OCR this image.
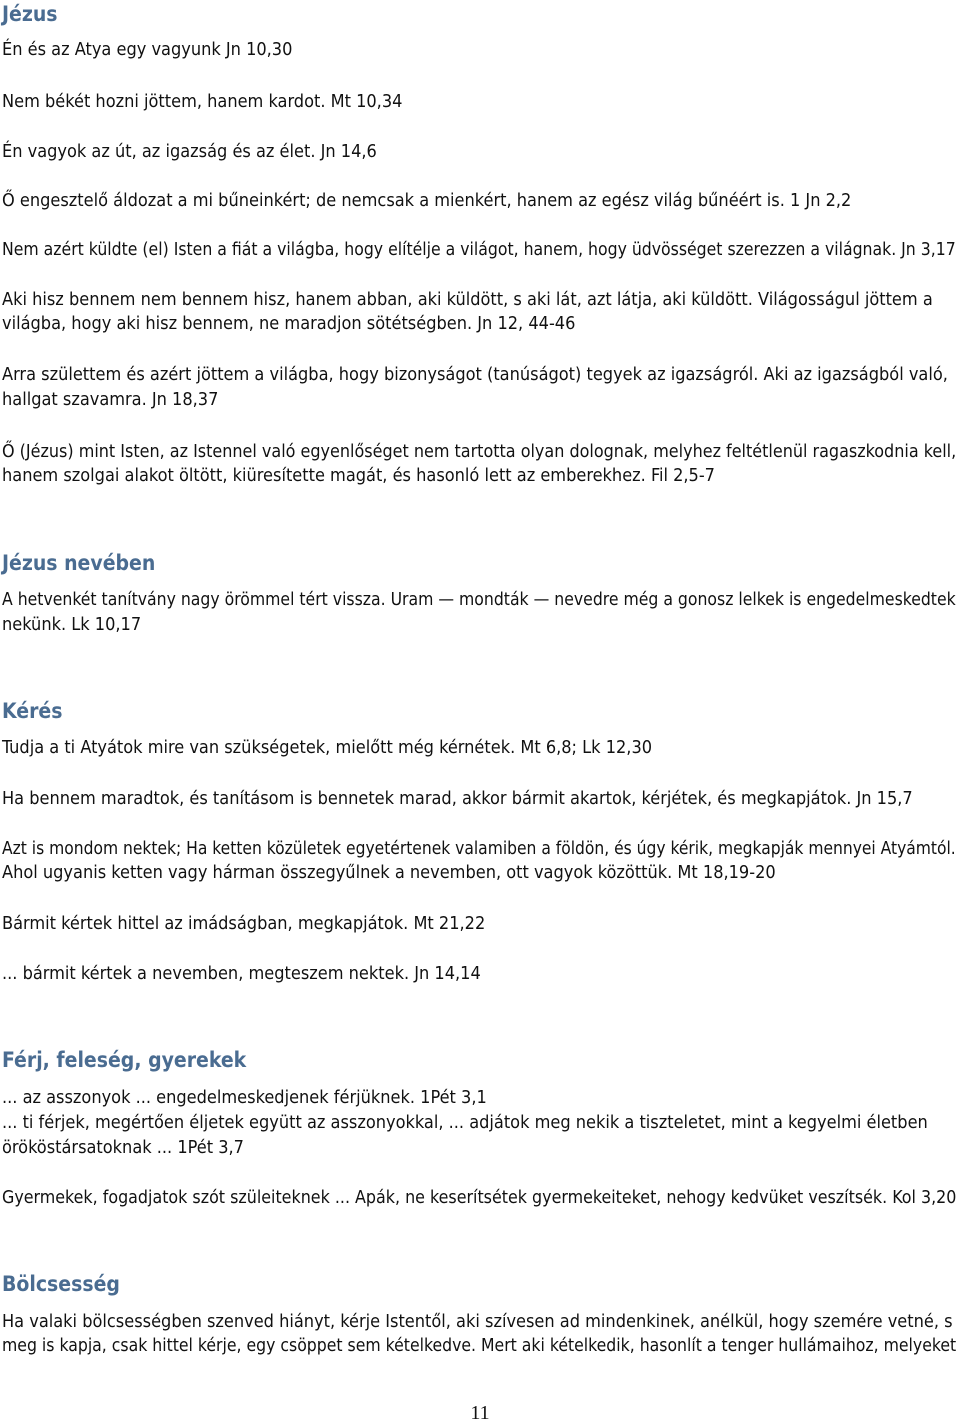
Jézus

Én és az Atya egy vagyunk Jn 10,30

Nem békét hozni jöttem, hanem kardot. Mt 10,34

Én vagyok az út, az igazság és az élet. Jn 14,6

Ő engesztelő áldozat a mi bűneinkért; de nemcsak a mienkért, hanem az egész világ bűnéért is. 1 Jn 2,2

Nem azért küldte (el) Isten a fiát a világba, hogy elítélje a világot, hanem, hogy üdvösséget szerezzen a világnak. Jn 3,17

Aki hisz bennem nem bennem hisz, hanem abban, aki küldött, s aki lát, azt látja, aki küldött. Világosságul jöttem a

világba, hogy aki hisz bennem, ne maradjon sötétségben. Jn 12, 44-46

Arra születtem és azért jöttem a világba, hogy bizonyságot (tanúságot) tegyek az igazságról. Aki az igazságból való,

hallgat szavamra. Jn 18,37

Ő (Jézus) mint Isten, az Istennel való egyenlőséget nem tartotta olyan dolognak, melyhez feltétlenül ragaszkodnia kell,

hanem szolgai alakot öltött, kiüresítette magát, és hasonló lett az emberekhez. Fil 2,5-7

Jézus nevében

A hetvenkét tanítvány nagy örömmel tért vissza. Uram — mondták — nevedre még a gonosz lelkek is engedelmeskedtek

nekünk. Lk 10,17

Kérés

Tudja a ti Atyátok mire van szükségetek, mielőtt még kérnétek. Mt 6,8; Lk 12,30

Ha bennem maradtok, és tanításom is bennetek marad, akkor bármit akartok, kérjétek, és megkapjátok. Jn 15,7

Azt is mondom nektek; Ha ketten közületek egyetértenek valamiben a földön, és úgy kérik, megkapják mennyei Atyámtól.

Ahol ugyanis ketten vagy hárman összegyűlnek a nevemben, ott vagyok közöttük. Mt 18,19-20

Bármit kértek hittel az imádságban, megkapjátok. Mt 21,22

... bármit kértek a nevemben, megteszem nektek. Jn 14,14

Férj, feleség, gyerekek

... az asszonyok ... engedelmeskedjenek férjüknek. 1Pét 3,1

... ti férjek, megértően éljetek együtt az asszonyokkal, ... adjátok meg nekik a tiszteletet, mint a kegyelmi életben

örököstársatoknak ... 1Pét 3,7

Gyermekek, fogadjatok szót szüleiteknek ... Apák, ne keserítsétek gyermekeiteket, nehogy kedvüket veszítsék. Kol 3,20

Bölcsesség

Ha valaki bölcsességben szenved hiányt, kérje Istentől, aki szívesen ad mindenkinek, anélkül, hogy szemére vetné, s

meg is kapja, csak hittel kérje, egy csöppet sem kételkedve. Mert aki kételkedik, hasonlít a tenger hullámaihoz, melyeket

11
